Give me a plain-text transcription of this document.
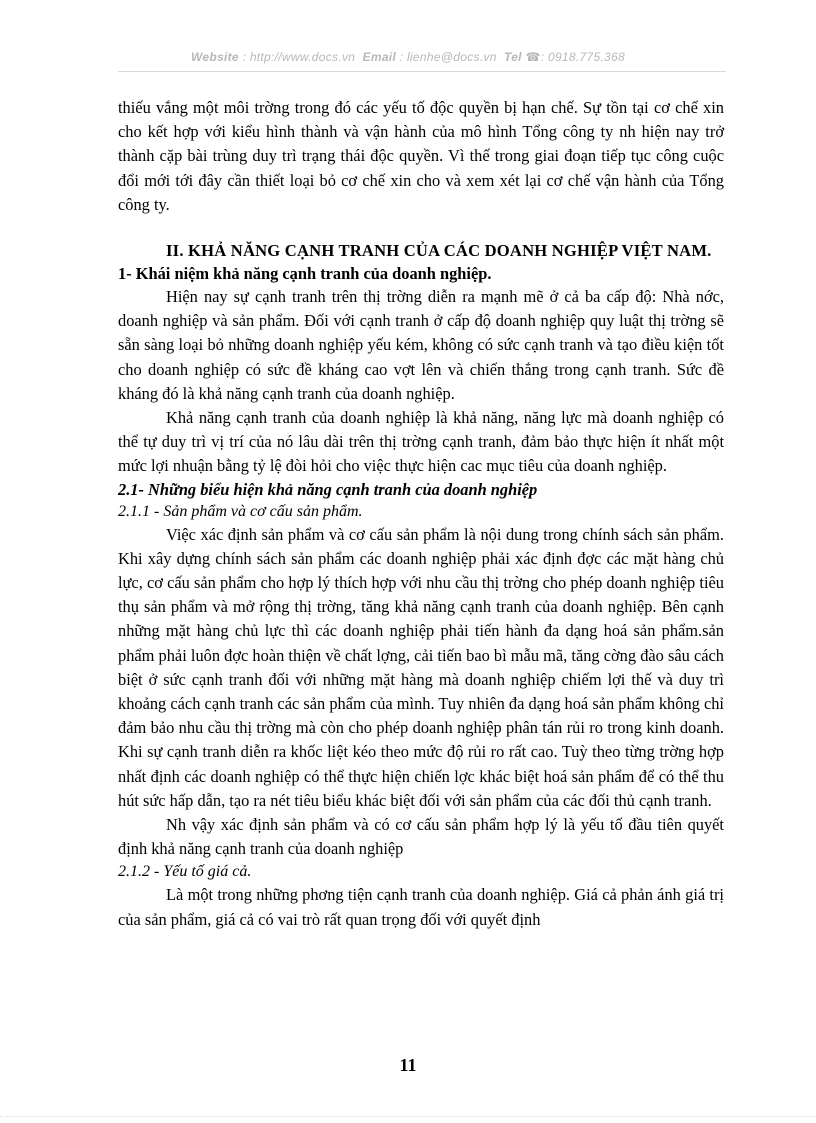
Website : http://www.docs.vn Email : lienhe@docs.vn Tel ☎: 0918.775.368

thiếu vắng một môi trờng trong đó các yếu tố độc quyền bị hạn chế. Sự tồn tại cơ chế xin cho kết hợp với kiểu hình thành và vận hành của mô hình Tổng công ty nh hiện nay trở thành cặp bài trùng duy trì trạng thái độc quyền. Vì thế trong giai đoạn tiếp tục công cuộc đổi mới tới đây cần thiết loại bỏ cơ chế xin cho và xem xét lại cơ chế vận hành của Tổng công ty.

II. KHẢ NĂNG CẠNH TRANH CỦA CÁC DOANH NGHIỆP VIỆT NAM.

1- Khái niệm khả năng cạnh tranh của doanh nghiệp.

Hiện nay sự cạnh tranh trên thị trờng diễn ra mạnh mẽ ở cả ba cấp độ: Nhà nớc, doanh nghiệp và sản phẩm. Đối với cạnh tranh ở cấp độ doanh nghiệp quy luật thị trờng sẽ sẵn sàng loại bỏ những doanh nghiệp yếu kém, không có sức cạnh tranh và tạo điều kiện tốt cho doanh nghiệp có sức đề kháng cao vợt lên và chiến thắng trong cạnh tranh. Sức đề kháng đó là khả năng cạnh tranh của doanh nghiệp.

Khả năng cạnh tranh của doanh nghiệp là khả năng, năng lực mà doanh nghiệp có thể tự duy trì vị trí của nó lâu dài trên thị trờng cạnh tranh, đảm bảo thực hiện ít nhất một mức lợi nhuận bằng tỷ lệ đòi hỏi cho việc thực hiện cac mục tiêu của doanh nghiệp.

2.1- Những biểu hiện khả năng cạnh tranh của doanh nghiệp

2.1.1 - Sản phẩm và cơ cấu sản phẩm.

Việc xác định sản phẩm và cơ cấu sản phẩm là nội dung trong chính sách sản phẩm. Khi xây dựng chính sách sản phẩm các doanh nghiệp phải xác định đợc các mặt hàng chủ lực, cơ cấu sản phẩm cho hợp lý thích hợp với nhu cầu thị trờng cho phép doanh nghiệp tiêu thụ sản phẩm và mở rộng thị trờng, tăng khả năng cạnh tranh của doanh nghiệp. Bên cạnh những mặt hàng chủ lực thì các doanh nghiệp phải tiến hành đa dạng hoá sản phẩm.sản phẩm phải luôn đợc hoàn thiện về chất lợng, cải tiến bao bì mẫu mã, tăng cờng đào sâu cách biệt ở sức cạnh tranh đối với những mặt hàng mà doanh nghiệp chiếm lợi thế và duy trì khoảng cách cạnh tranh các sản phẩm của mình. Tuy nhiên đa dạng hoá sản phẩm không chỉ đảm bảo nhu cầu thị trờng mà còn cho phép doanh nghiệp phân tán rủi ro trong kinh doanh. Khi sự cạnh tranh diễn ra khốc liệt kéo theo mức độ rủi ro rất cao. Tuỳ theo từng trờng hợp nhất định các doanh nghiệp có thể thực hiện chiến lợc khác biệt hoá sản phẩm để có thể thu hút sức hấp dẫn, tạo ra nét tiêu biểu khác biệt đối với sản phẩm của các đối thủ cạnh tranh.

Nh vậy xác định sản phẩm và có cơ cấu sản phẩm hợp lý là yếu tố đầu tiên quyết định khả năng cạnh tranh của doanh nghiệp

2.1.2 - Yếu tố giá cả.

Là một trong những phơng tiện cạnh tranh của doanh nghiệp. Giá cả phản ánh giá trị của sản phẩm, giá cả có vai trò rất quan trọng đối với quyết định

11
